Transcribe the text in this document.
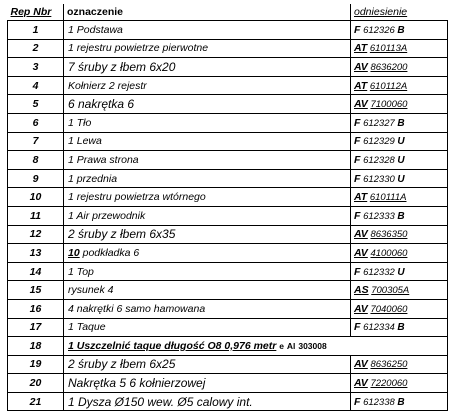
Rep Nbr	oznaczenie	odniesienie
1	1 Podstawa	F 612326 B
2	1 rejestru powietrze pierwotne	AT 610113A
3	7 śruby z łbem 6x20	AV 8636200
4	Kołnierz 2 rejestr	AT 610112A
5	6 nakrętka 6	AV 7100060
6	1 Tło	F 612327 B
7	1 Lewa	F 612329 U
8	1 Prawa strona	F 612328 U
9	1 przednia	F 612330 U
10	1 rejestru powietrza wtórnego	AT 610111A
11	1 Air przewodnik	F 612333 B
12	2 śruby z łbem 6x35	AV 8636350
13	10 podkładka 6	AV 4100060
14	1 Top	F 612332 U
15	rysunek 4	AS 700305A
16	4 nakrętki 6 samo hamowana	AV 7040060
17	1 Taque	F 612334 B
18	1 Uszczelnić taque długość O8 0,976 metr e Al 303008	
19	2 śruby z łbem 6x25	AV 8636250
20	Nakrętka 5 6 kołnierzowej	AV 7220060
21	1 Dysza Ø150 wew. Ø5 calowy int.	F 612338 B
